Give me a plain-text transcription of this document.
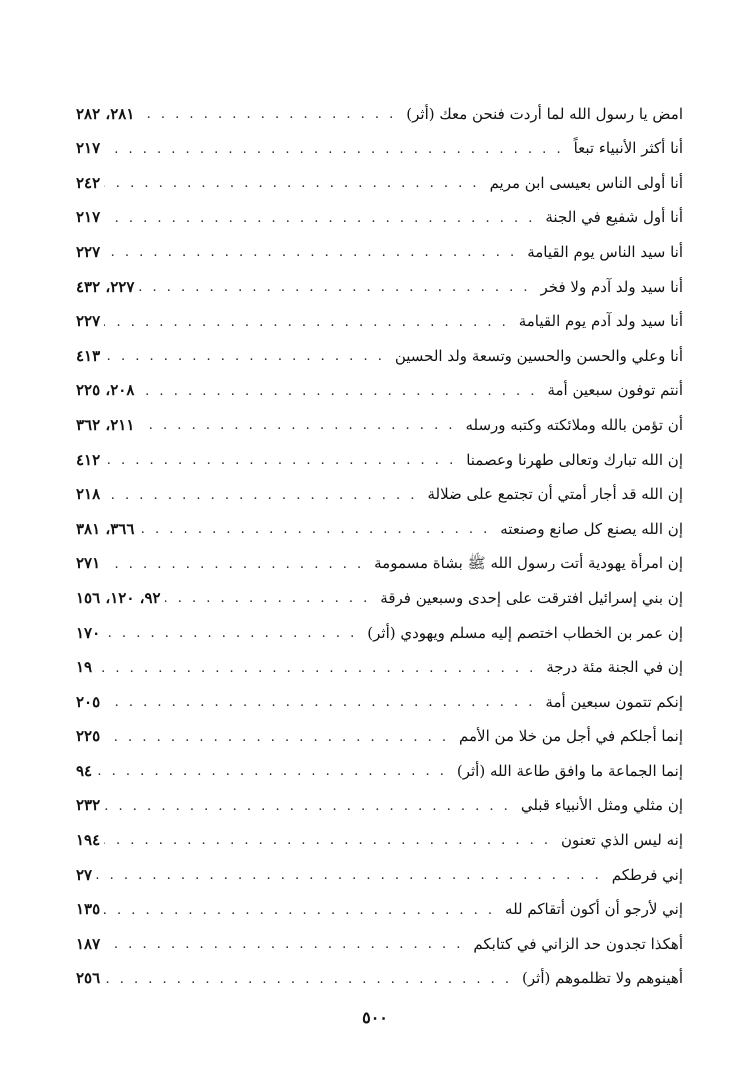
امض يا رسول الله لما أردت فنحن معك (أثر)
. . .
٢٨١، ٢٨٢
أنا أكثر الأنبياء تبعاً
. . .
٢١٧
أنا أولى الناس بعيسى ابن مريم
. . .
٢٤٢
أنا أول شفيع في الجنة
. . .
٢١٧
أنا سيد الناس يوم القيامة
. . .
٢٢٧
أنا سيد ولد آدم ولا فخر
. . .
٢٢٧، ٤٣٢
أنا سيد ولد آدم يوم القيامة
. . .
٢٢٧
أنا وعلي والحسن والحسين وتسعة ولد الحسين
. . .
٤١٣
أنتم توفون سبعين أمة
. . .
٢٠٨، ٢٢٥
أن تؤمن بالله وملائكته وكتبه ورسله
. . .
٢١١، ٣٦٢
إن الله تبارك وتعالى طهرنا وعصمنا
. . .
٤١٢
إن الله قد أجار أمتي أن تجتمع على ضلالة
. . .
٢١٨
إن الله يصنع كل صانع وصنعته
. . .
٣٦٦، ٣٨١
إن امرأة يهودية أتت رسول الله ﷺ بشاة مسمومة
. . .
٢٧١
إن بني إسرائيل افترقت على إحدى وسبعين فرقة
. . .
٩٢، ١٢٠، ١٥٦
إن عمر بن الخطاب اختصم إليه مسلم ويهودي (أثر)
. . .
١٧٠
إن في الجنة مئة درجة
. . .
١٩
إنكم تتمون سبعين أمة
. . .
٢٠٥
إنما أجلكم في أجل من خلا من الأمم
. . .
٢٢٥
إنما الجماعة ما وافق طاعة الله (أثر)
. . .
٩٤
إن مثلي ومثل الأنبياء قبلي
. . .
٢٣٢
إنه ليس الذي تعنون
. . .
١٩٤
إني فرطكم
. . .
٢٧
إني لأرجو أن أكون أتقاكم لله
. . .
١٣٥
أهكذا تجدون حد الزاني في كتابكم
. . .
١٨٧
أهينوهم ولا تظلموهم (أثر)
. . .
٢٥٦
٥٠٠
